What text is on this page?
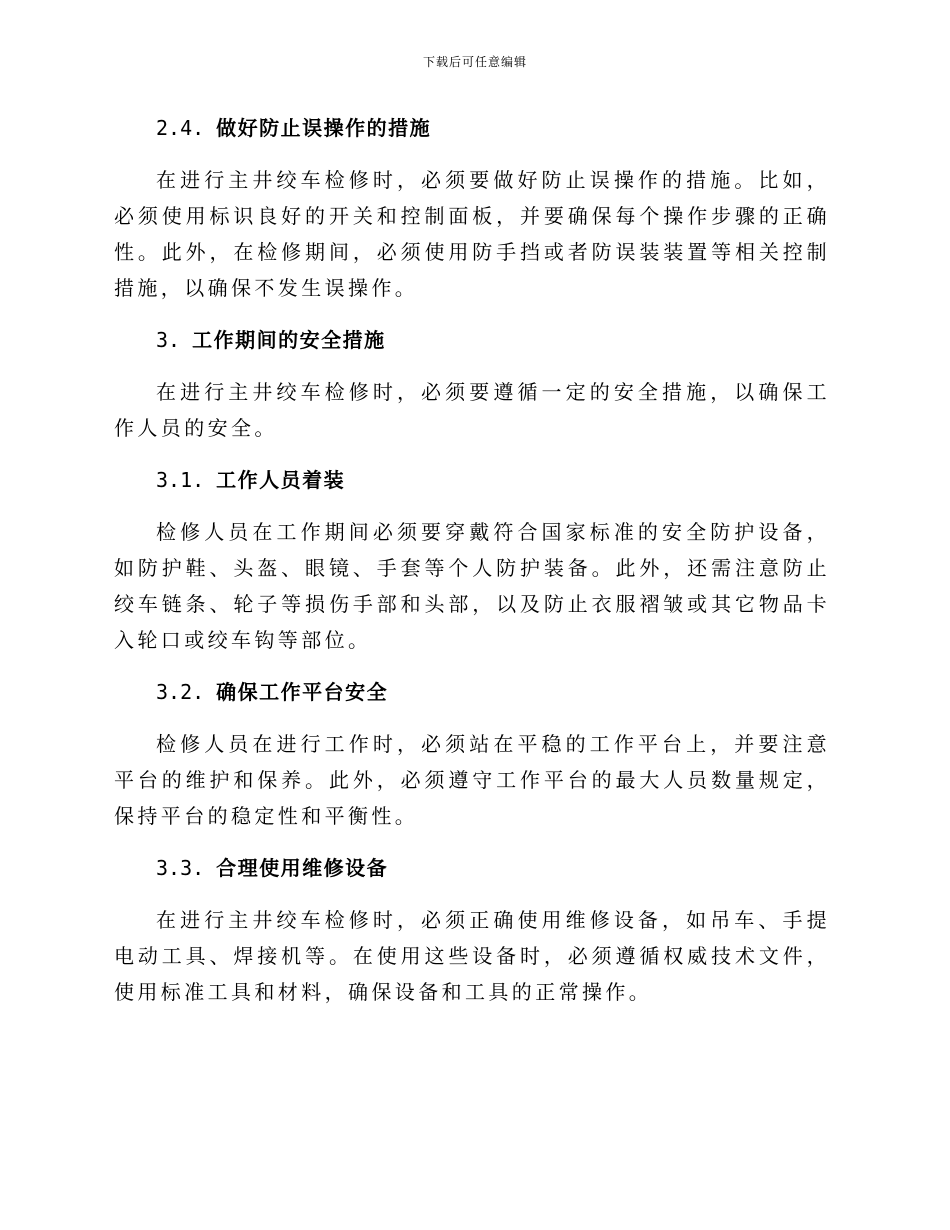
下载后可任意编辑
2.4. 做好防止误操作的措施

在进行主井绞车检修时，必须要做好防止误操作的措施。比如，必须使用标识良好的开关和控制面板，并要确保每个操作步骤的正确性。此外，在检修期间，必须使用防手挡或者防误装装置等相关控制措施，以确保不发生误操作。

3. 工作期间的安全措施

在进行主井绞车检修时，必须要遵循一定的安全措施，以确保工作人员的安全。

3.1. 工作人员着装

检修人员在工作期间必须要穿戴符合国家标准的安全防护设备，如防护鞋、头盔、眼镜、手套等个人防护装备。此外，还需注意防止绞车链条、轮子等损伤手部和头部，以及防止衣服褶皱或其它物品卡入轮口或绞车钩等部位。

3.2. 确保工作平台安全

检修人员在进行工作时，必须站在平稳的工作平台上，并要注意平台的维护和保养。此外，必须遵守工作平台的最大人员数量规定，保持平台的稳定性和平衡性。

3.3. 合理使用维修设备

在进行主井绞车检修时，必须正确使用维修设备，如吊车、手提电动工具、焊接机等。在使用这些设备时，必须遵循权威技术文件，使用标准工具和材料，确保设备和工具的正常操作。
